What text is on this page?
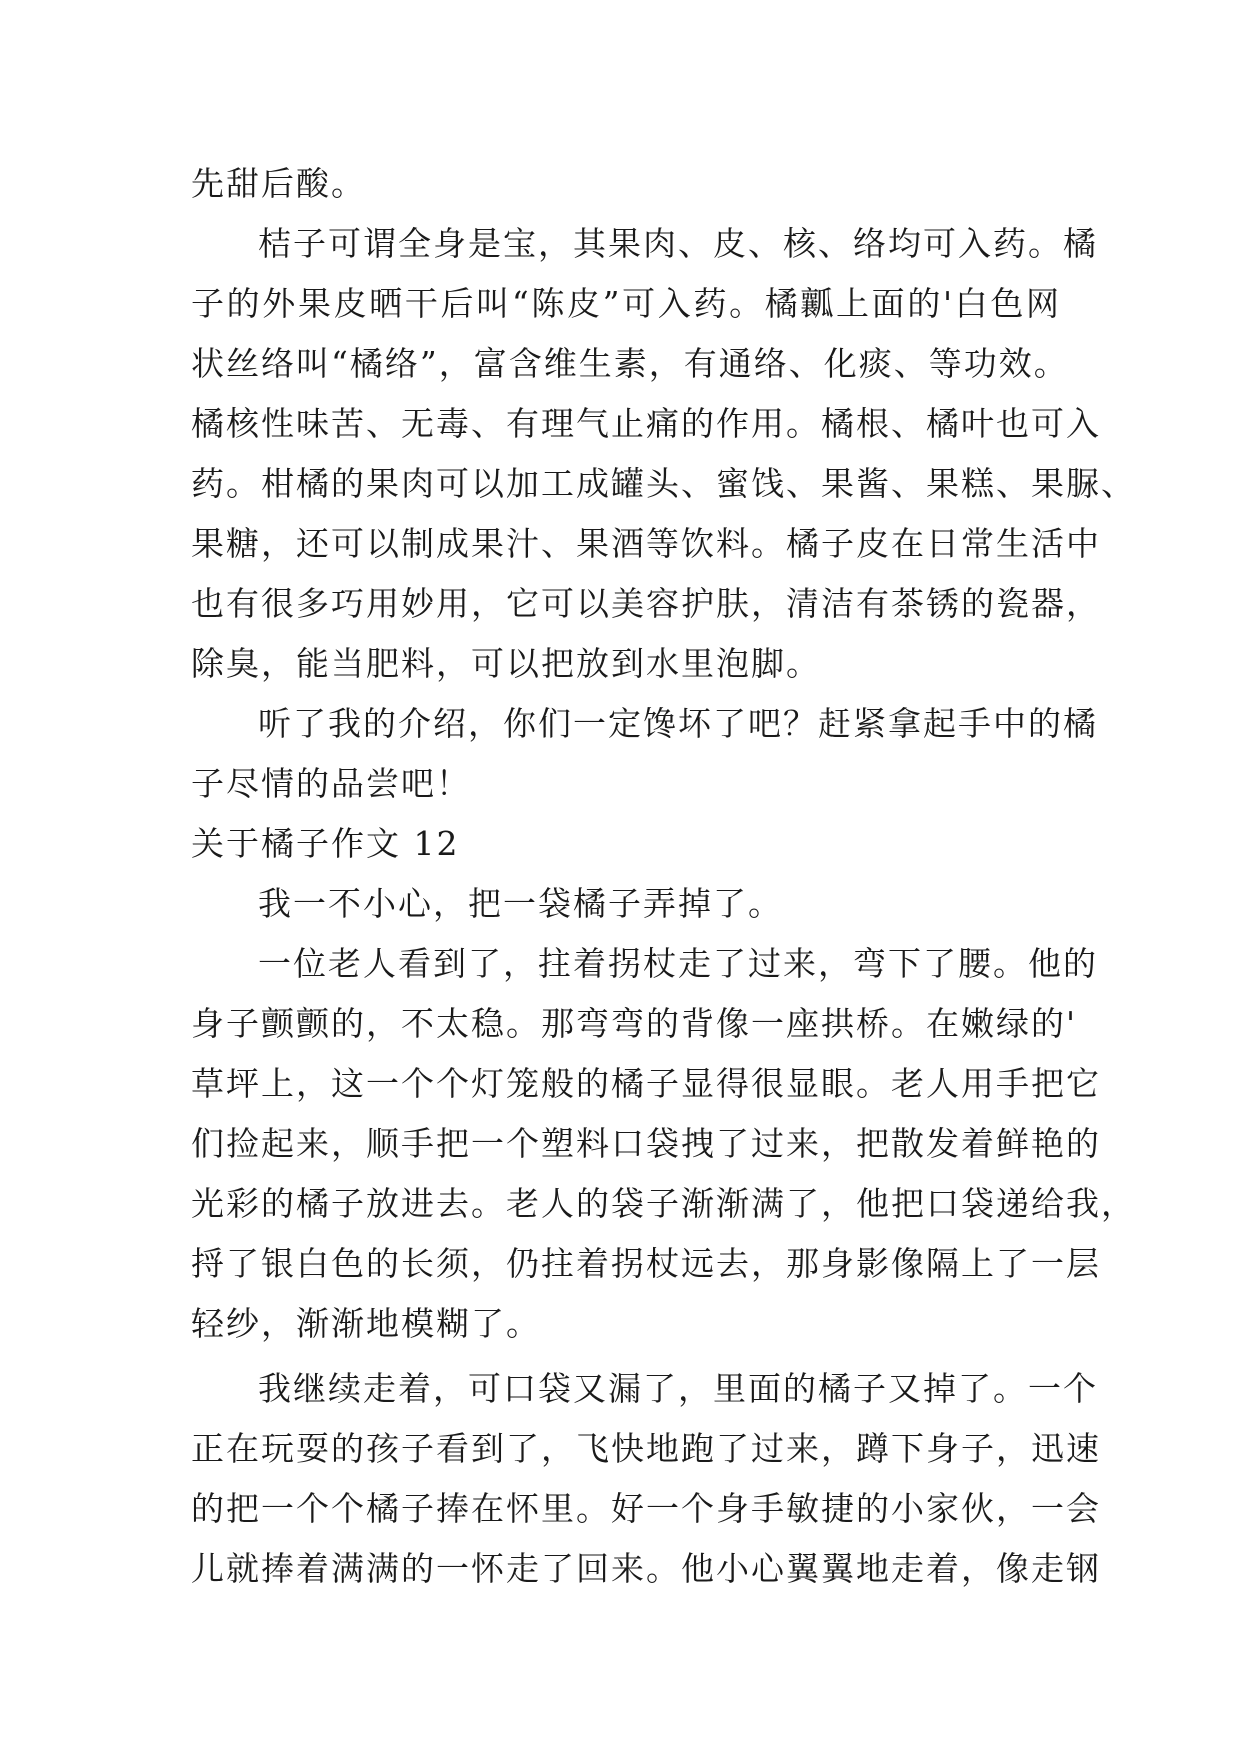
先甜后酸。
桔子可谓全身是宝，其果肉、皮、核、络均可入药。橘
子的外果皮晒干后叫“陈皮”可入药。橘瓤上面的'白色网
状丝络叫“橘络”，富含维生素，有通络、化痰、等功效。
橘核性味苦、无毒、有理气止痛的作用。橘根、橘叶也可入
药。柑橘的果肉可以加工成罐头、蜜饯、果酱、果糕、果脲、
果糖，还可以制成果汁、果酒等饮料。橘子皮在日常生活中
也有很多巧用妙用，它可以美容护肤，清洁有茶锈的瓷器，
除臭，能当肥料，可以把放到水里泡脚。
听了我的介绍，你们一定馋坏了吧？赶紧拿起手中的橘
子尽情的品尝吧！
关于橘子作文 12
我一不小心，把一袋橘子弄掉了。
一位老人看到了，拄着拐杖走了过来，弯下了腰。他的
身子颤颤的，不太稳。那弯弯的背像一座拱桥。在嫩绿的'
草坪上，这一个个灯笼般的橘子显得很显眼。老人用手把它
们捡起来，顺手把一个塑料口袋拽了过来，把散发着鲜艳的
光彩的橘子放进去。老人的袋子渐渐满了，他把口袋递给我，
捋了银白色的长须，仍拄着拐杖远去，那身影像隔上了一层
轻纱，渐渐地模糊了。
我继续走着，可口袋又漏了，里面的橘子又掉了。一个
正在玩耍的孩子看到了，飞快地跑了过来，蹲下身子，迅速
的把一个个橘子捧在怀里。好一个身手敏捷的小家伙，一会
儿就捧着满满的一怀走了回来。他小心翼翼地走着，像走钢
